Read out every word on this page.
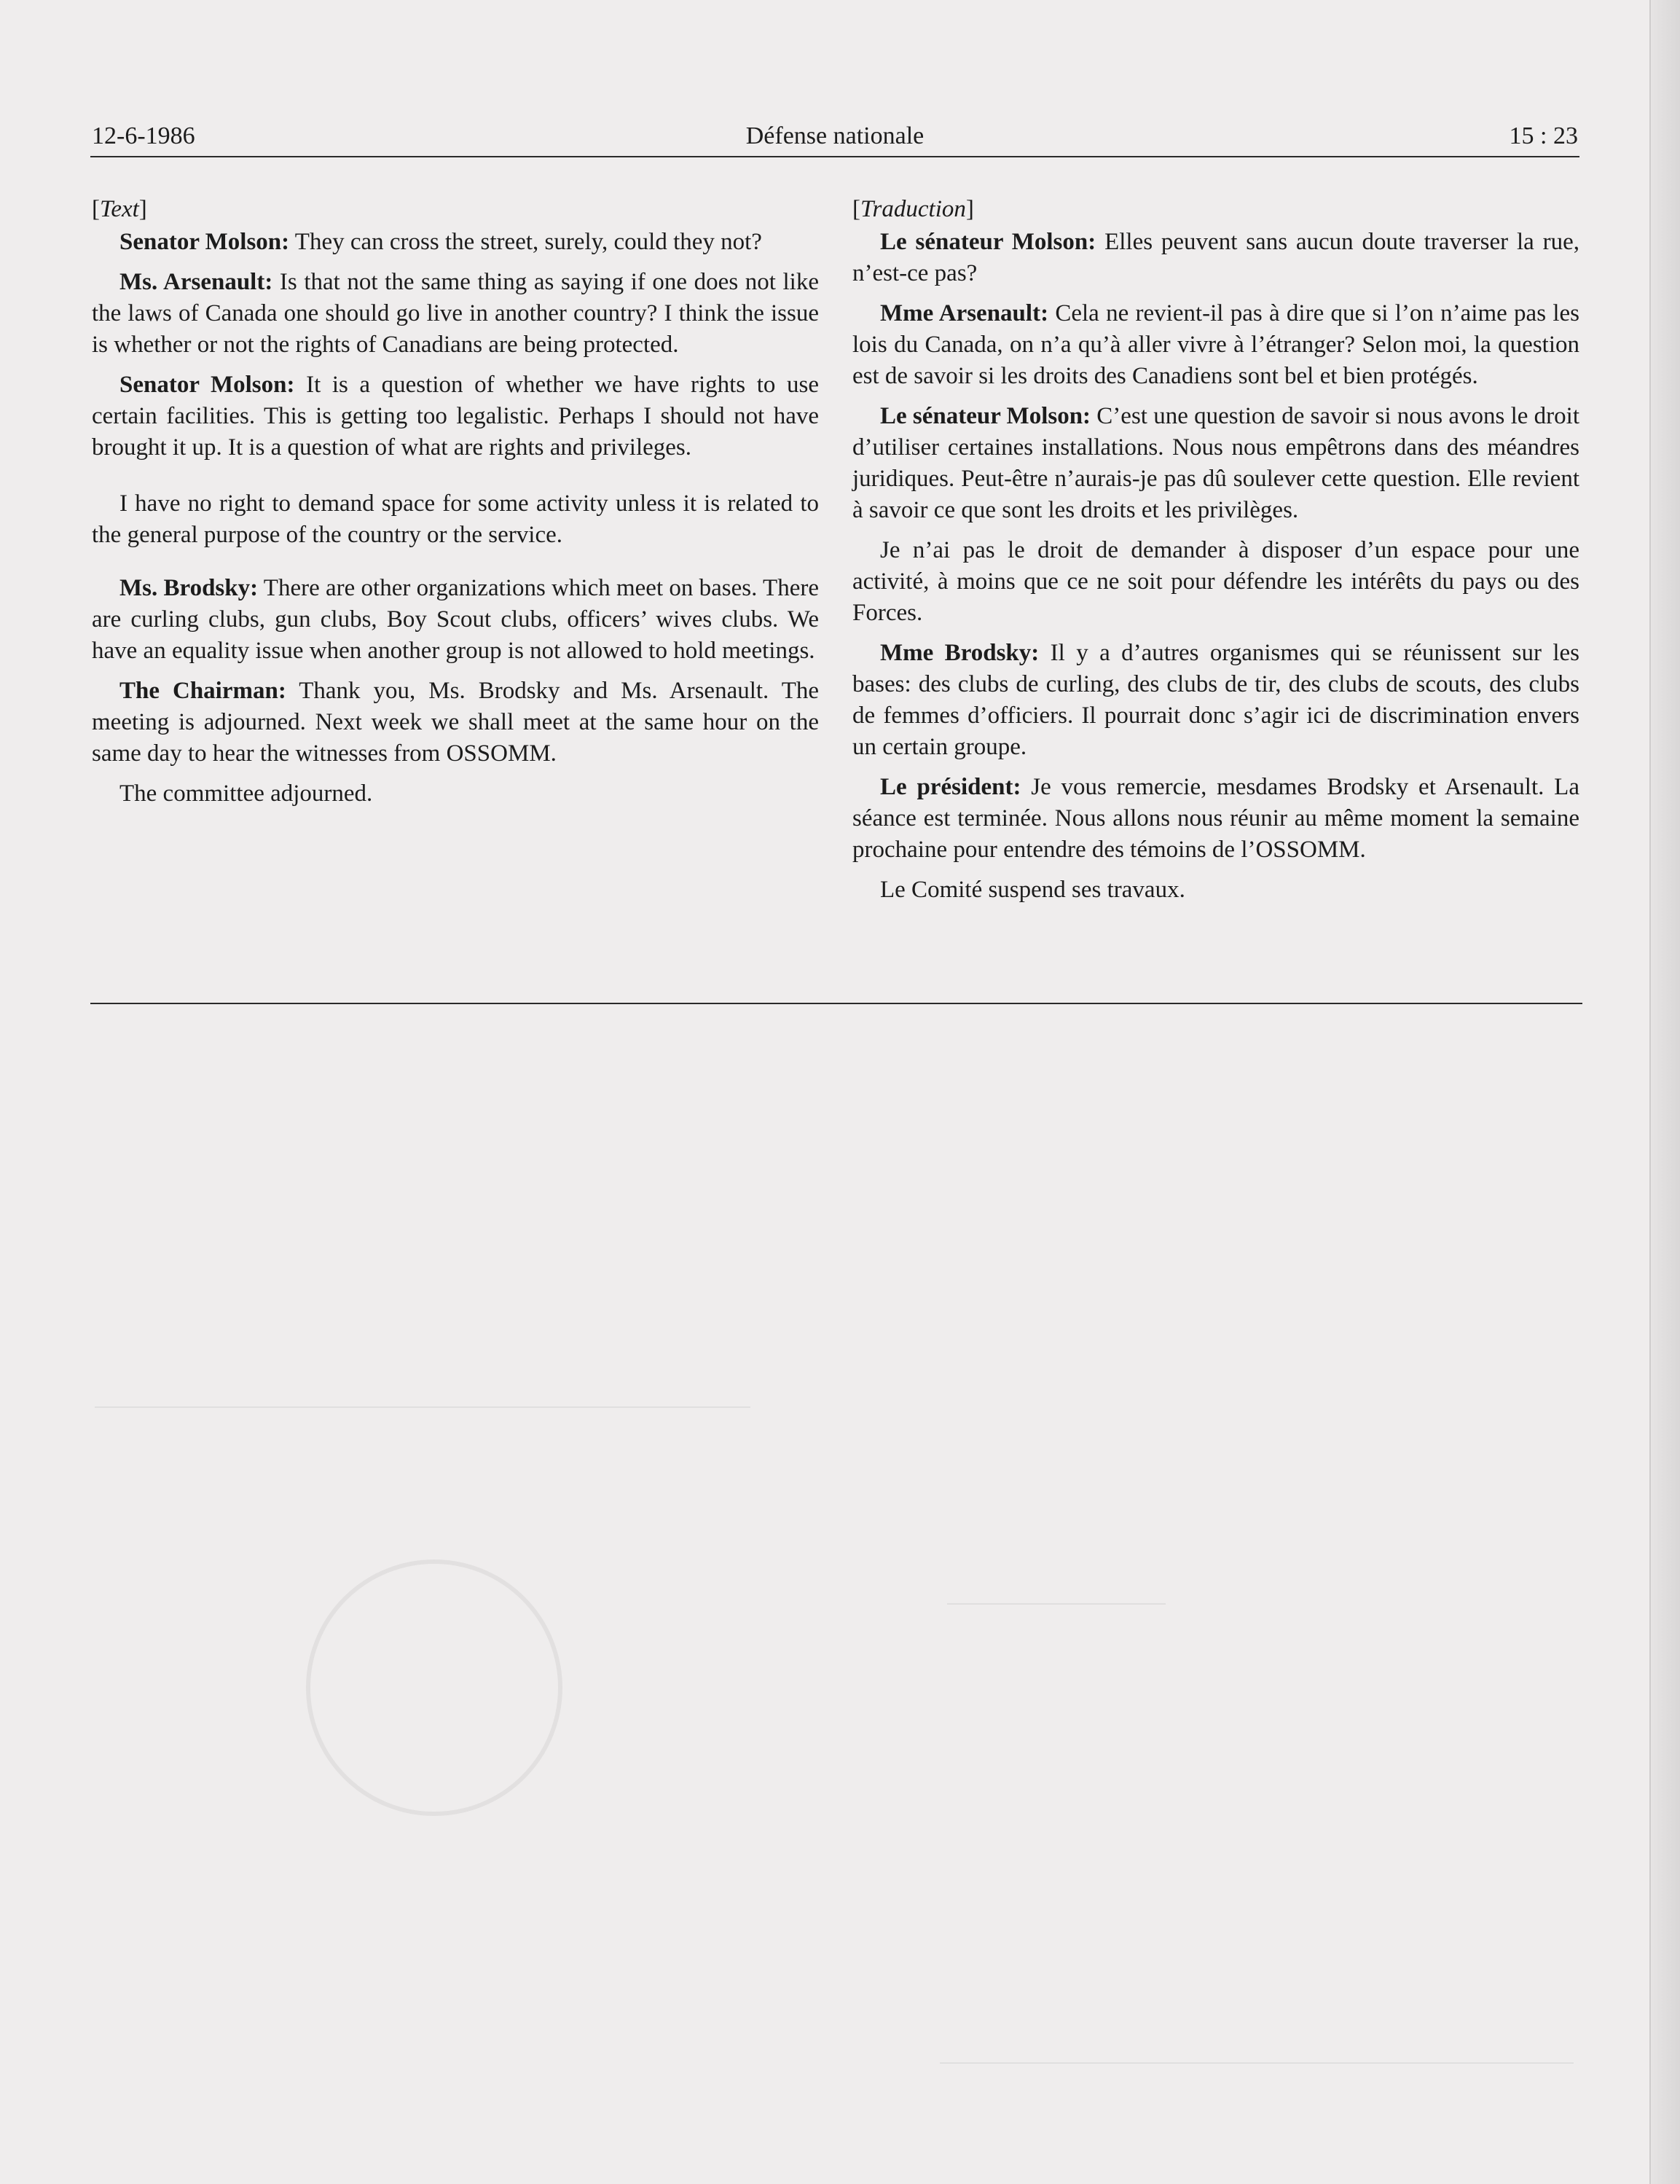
12-6-1986	Défense nationale	15 : 23

[Text]

Senator Molson: They can cross the street, surely, could they not?

Ms. Arsenault: Is that not the same thing as saying if one does not like the laws of Canada one should go live in another country? I think the issue is whether or not the rights of Canadians are being protected.

Senator Molson: It is a question of whether we have rights to use certain facilities. This is getting too legalistic. Perhaps I should not have brought it up. It is a question of what are rights and privileges.

I have no right to demand space for some activity unless it is related to the general purpose of the country or the service.

Ms. Brodsky: There are other organizations which meet on bases. There are curling clubs, gun clubs, Boy Scout clubs, officers’ wives clubs. We have an equality issue when another group is not allowed to hold meetings.

The Chairman: Thank you, Ms. Brodsky and Ms. Arsenault. The meeting is adjourned. Next week we shall meet at the same hour on the same day to hear the witnesses from OSSOMM.

The committee adjourned.

[Traduction]

Le sénateur Molson: Elles peuvent sans aucun doute traverser la rue, n’est-ce pas?

Mme Arsenault: Cela ne revient-il pas à dire que si l’on n’aime pas les lois du Canada, on n’a qu’à aller vivre à l’étranger? Selon moi, la question est de savoir si les droits des Canadiens sont bel et bien protégés.

Le sénateur Molson: C’est une question de savoir si nous avons le droit d’utiliser certaines installations. Nous nous empêtrons dans des méandres juridiques. Peut-être n’aurais-je pas dû soulever cette question. Elle revient à savoir ce que sont les droits et les privilèges.

Je n’ai pas le droit de demander à disposer d’un espace pour une activité, à moins que ce ne soit pour défendre les intérêts du pays ou des Forces.

Mme Brodsky: Il y a d’autres organismes qui se réunissent sur les bases: des clubs de curling, des clubs de tir, des clubs de scouts, des clubs de femmes d’officiers. Il pourrait donc s’agir ici de discrimination envers un certain groupe.

Le président: Je vous remercie, mesdames Brodsky et Arsenault. La séance est terminée. Nous allons nous réunir au même moment la semaine prochaine pour entendre des témoins de l’OSSOMM.

Le Comité suspend ses travaux.
